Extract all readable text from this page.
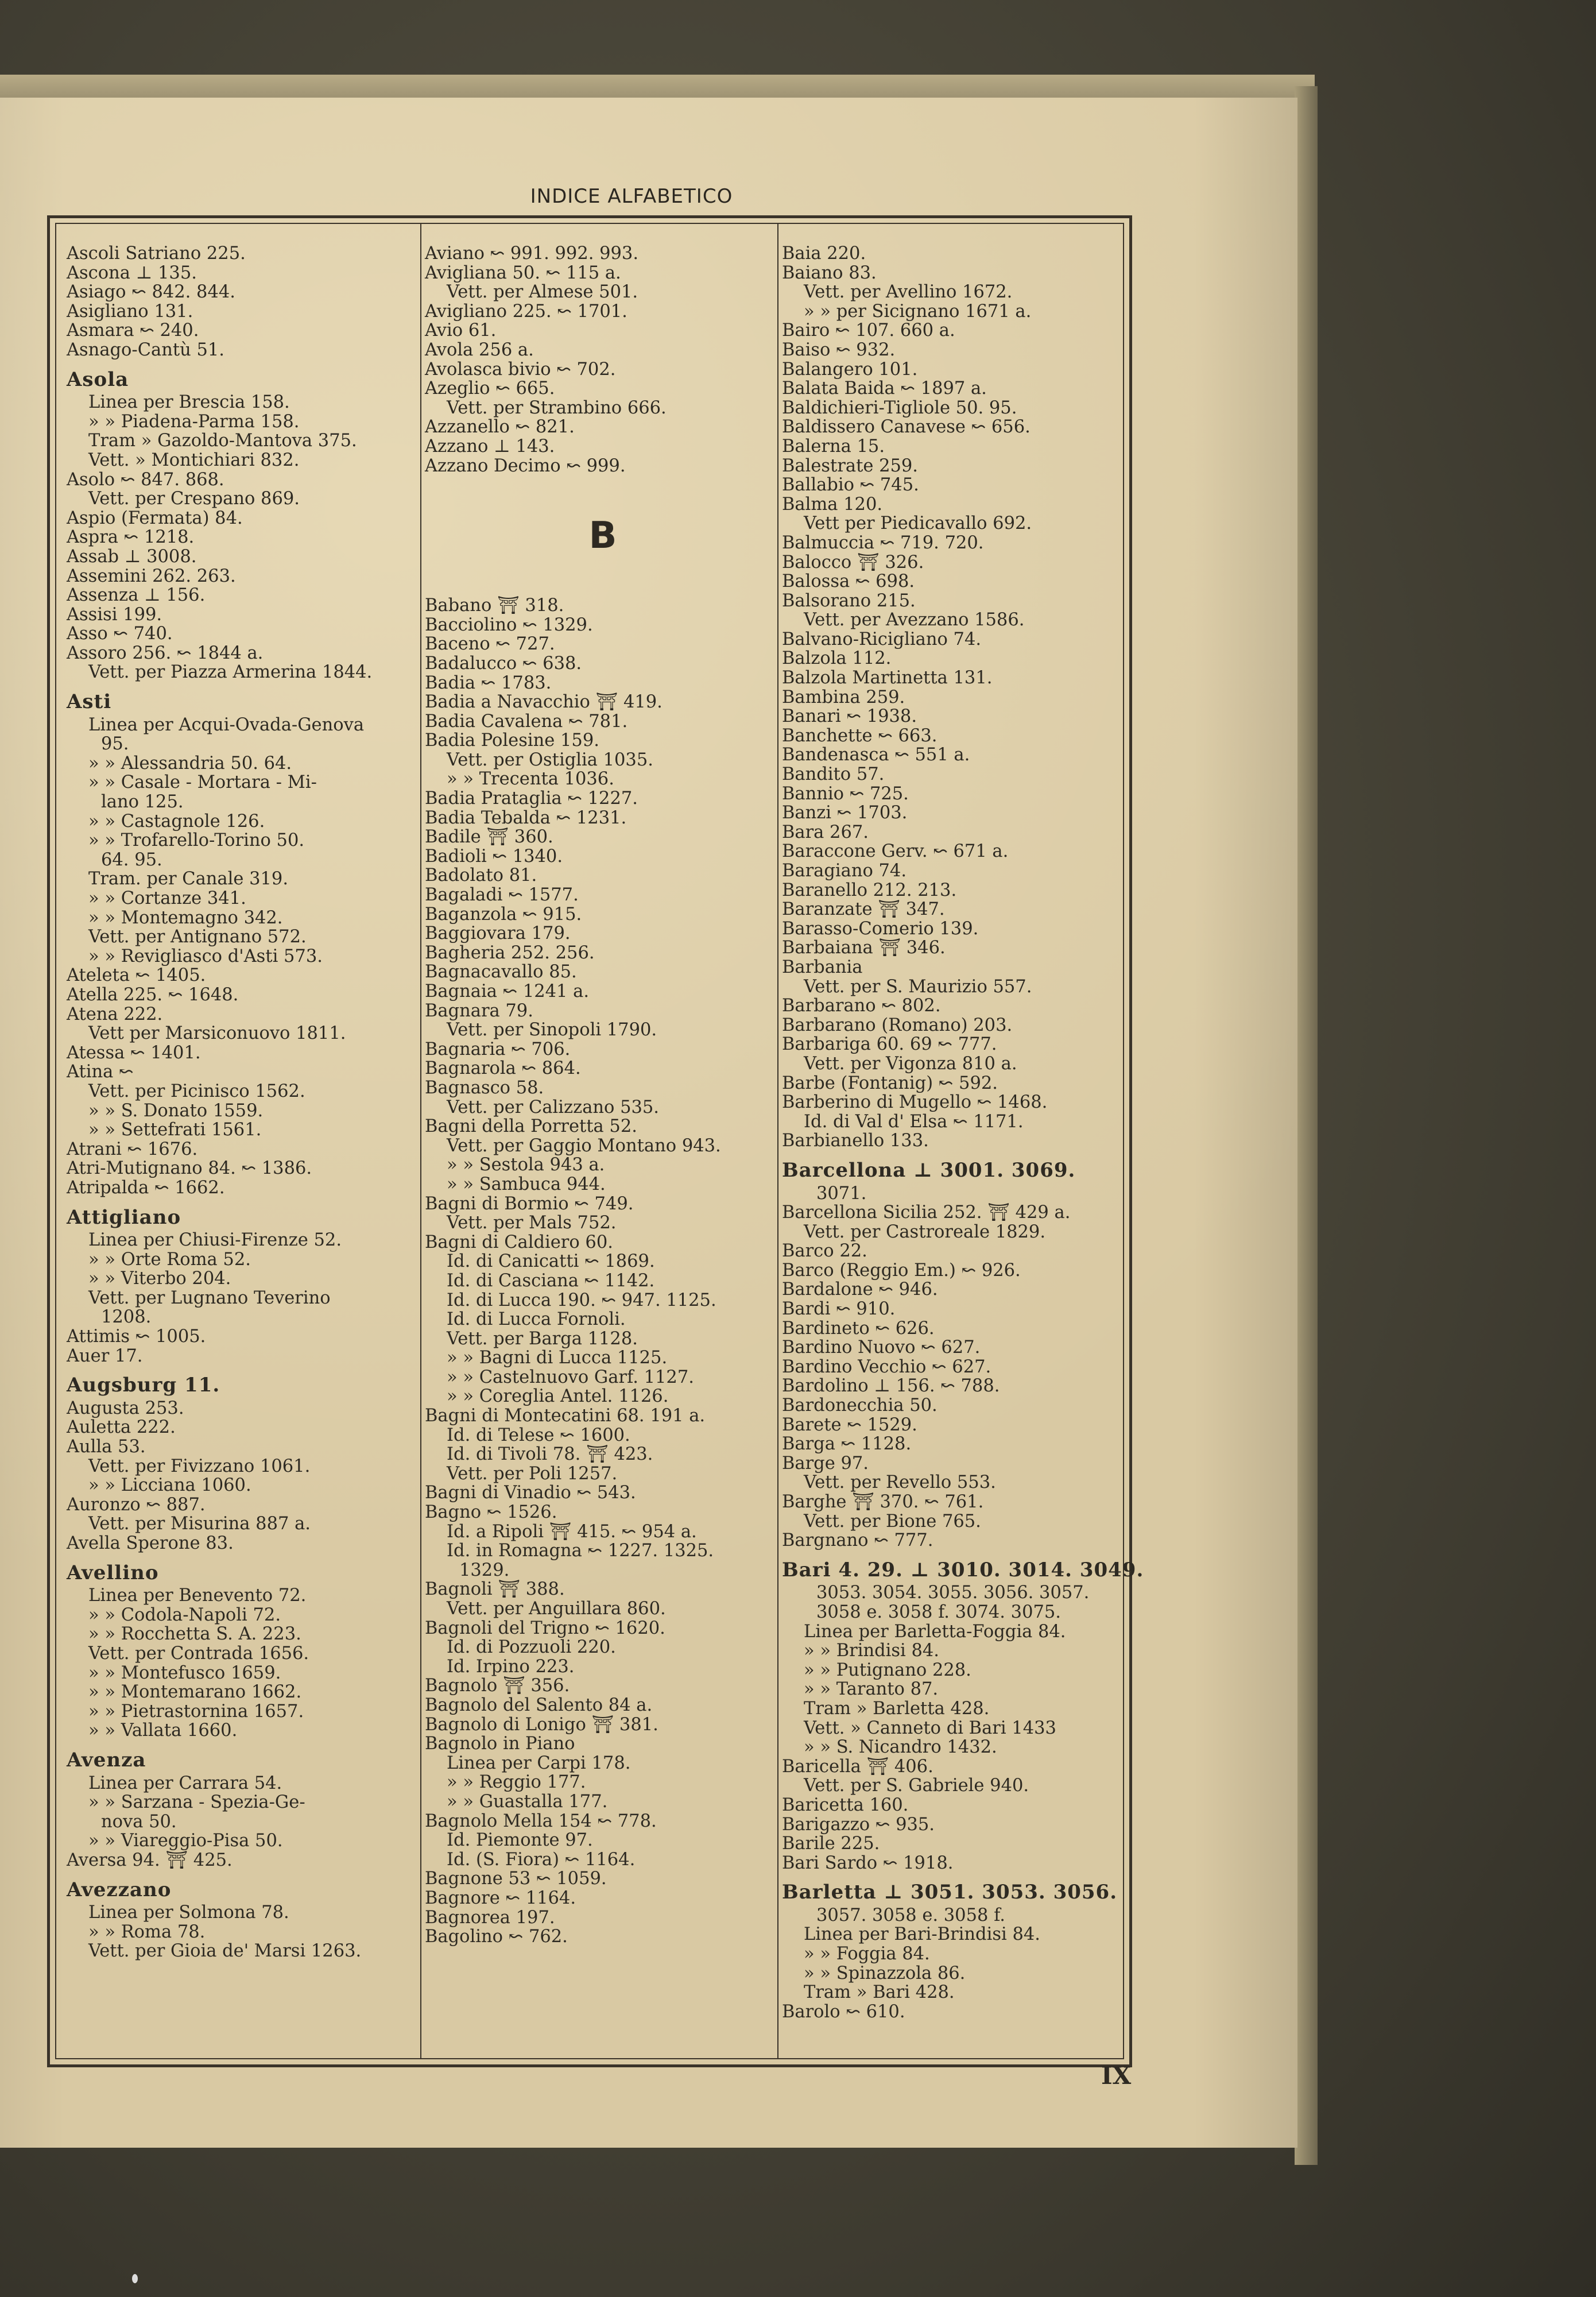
INDICE ALFABETICO
Ascoli Satriano 225.
Ascona ⊥ 135.
Asiago ↜ 842. 844.
Asigliano 131.
Asmara ↜ 240.
Asnago-Cantù 51.
Asola
Linea per Brescia 158.
» » Piadena-Parma 158.
Tram » Gazoldo-Mantova 375.
Vett. » Montichiari 832.
Asolo ↜ 847. 868.
Vett. per Crespano 869.
Aspio (Fermata) 84.
Aspra ↜ 1218.
Assab ⊥ 3008.
Assemini 262. 263.
Assenza ⊥ 156.
Assisi 199.
Asso ↜ 740.
Assoro 256. ↜ 1844 a.
Vett. per Piazza Armerina 1844.
Asti
Linea per Acqui-Ovada-Genova
95.
» » Alessandria 50. 64.
» » Casale - Mortara - Mi-
lano 125.
» » Castagnole 126.
» » Trofarello-Torino 50.
64. 95.
Tram. per Canale 319.
» » Cortanze 341.
» » Montemagno 342.
Vett. per Antignano 572.
» » Revigliasco d'Asti 573.
Ateleta ↜ 1405.
Atella 225. ↜ 1648.
Atena 222.
Vett per Marsiconuovo 1811.
Atessa ↜ 1401.
Atina ↜
Vett. per Picinisco 1562.
» » S. Donato 1559.
» » Settefrati 1561.
Atrani ↜ 1676.
Atri-Mutignano 84. ↜ 1386.
Atripalda ↜ 1662.
Attigliano
Linea per Chiusi-Firenze 52.
» » Orte Roma 52.
» » Viterbo 204.
Vett. per Lugnano Teverino
1208.
Attimis ↜ 1005.
Auer 17.
Augsburg 11.
Augusta 253.
Auletta 222.
Aulla 53.
Vett. per Fivizzano 1061.
» » Licciana 1060.
Auronzo ↜ 887.
Vett. per Misurina 887 a.
Avella Sperone 83.
Avellino
Linea per Benevento 72.
» » Codola-Napoli 72.
» » Rocchetta S. A. 223.
Vett. per Contrada 1656.
» » Montefusco 1659.
» » Montemarano 1662.
» » Pietrastornina 1657.
» » Vallata 1660.
Avenza
Linea per Carrara 54.
» » Sarzana - Spezia-Ge-
nova 50.
» » Viareggio-Pisa 50.
Aversa 94. ⛩ 425.
Avezzano
Linea per Solmona 78.
» » Roma 78.
Vett. per Gioia de' Marsi 1263.
Aviano ↜ 991. 992. 993.
Avigliana 50. ↜ 115 a.
Vett. per Almese 501.
Avigliano 225. ↜ 1701.
Avio 61.
Avola 256 a.
Avolasca bivio ↜ 702.
Azeglio ↜ 665.
Vett. per Strambino 666.
Azzanello ↜ 821.
Azzano ⊥ 143.
Azzano Decimo ↜ 999.
B
Babano ⛩ 318.
Bacciolino ↜ 1329.
Baceno ↜ 727.
Badalucco ↜ 638.
Badia ↜ 1783.
Badia a Navacchio ⛩ 419.
Badia Cavalena ↜ 781.
Badia Polesine 159.
Vett. per Ostiglia 1035.
» » Trecenta 1036.
Badia Prataglia ↜ 1227.
Badia Tebalda ↜ 1231.
Badile ⛩ 360.
Badioli ↜ 1340.
Badolato 81.
Bagaladi ↜ 1577.
Baganzola ↜ 915.
Baggiovara 179.
Bagheria 252. 256.
Bagnacavallo 85.
Bagnaia ↜ 1241 a.
Bagnara 79.
Vett. per Sinopoli 1790.
Bagnaria ↜ 706.
Bagnarola ↜ 864.
Bagnasco 58.
Vett. per Calizzano 535.
Bagni della Porretta 52.
Vett. per Gaggio Montano 943.
» » Sestola 943 a.
» » Sambuca 944.
Bagni di Bormio ↜ 749.
Vett. per Mals 752.
Bagni di Caldiero 60.
Id. di Canicatti ↜ 1869.
Id. di Casciana ↜ 1142.
Id. di Lucca 190. ↜ 947. 1125.
Id. di Lucca Fornoli.
Vett. per Barga 1128.
» » Bagni di Lucca 1125.
» » Castelnuovo Garf. 1127.
» » Coreglia Antel. 1126.
Bagni di Montecatini 68. 191 a.
Id. di Telese ↜ 1600.
Id. di Tivoli 78. ⛩ 423.
Vett. per Poli 1257.
Bagni di Vinadio ↜ 543.
Bagno ↜ 1526.
Id. a Ripoli ⛩ 415. ↜ 954 a.
Id. in Romagna ↜ 1227. 1325.
1329.
Bagnoli ⛩ 388.
Vett. per Anguillara 860.
Bagnoli del Trigno ↜ 1620.
Id. di Pozzuoli 220.
Id. Irpino 223.
Bagnolo ⛩ 356.
Bagnolo del Salento 84 a.
Bagnolo di Lonigo ⛩ 381.
Bagnolo in Piano
Linea per Carpi 178.
» » Reggio 177.
» » Guastalla 177.
Bagnolo Mella 154 ↜ 778.
Id. Piemonte 97.
Id. (S. Fiora) ↜ 1164.
Bagnone 53 ↜ 1059.
Bagnore ↜ 1164.
Bagnorea 197.
Bagolino ↜ 762.
Baia 220.
Baiano 83.
Vett. per Avellino 1672.
» » per Sicignano 1671 a.
Bairo ↜ 107. 660 a.
Baiso ↜ 932.
Balangero 101.
Balata Baida ↜ 1897 a.
Baldichieri-Tigliole 50. 95.
Baldissero Canavese ↜ 656.
Balerna 15.
Balestrate 259.
Ballabio ↜ 745.
Balma 120.
Vett per Piedicavallo 692.
Balmuccia ↜ 719. 720.
Balocco ⛩ 326.
Balossa ↜ 698.
Balsorano 215.
Vett. per Avezzano 1586.
Balvano-Ricigliano 74.
Balzola 112.
Balzola Martinetta 131.
Bambina 259.
Banari ↜ 1938.
Banchette ↜ 663.
Bandenasca ↜ 551 a.
Bandito 57.
Bannio ↜ 725.
Banzi ↜ 1703.
Bara 267.
Baraccone Gerv. ↜ 671 a.
Baragiano 74.
Baranello 212. 213.
Baranzate ⛩ 347.
Barasso-Comerio 139.
Barbaiana ⛩ 346.
Barbania
Vett. per S. Maurizio 557.
Barbarano ↜ 802.
Barbarano (Romano) 203.
Barbariga 60. 69 ↜ 777.
Vett. per Vigonza 810 a.
Barbe (Fontanig) ↜ 592.
Barberino di Mugello ↜ 1468.
Id. di Val d' Elsa ↜ 1171.
Barbianello 133.
Barcellona ⊥ 3001. 3069.
3071.
Barcellona Sicilia 252. ⛩ 429 a.
Vett. per Castroreale 1829.
Barco 22.
Barco (Reggio Em.) ↜ 926.
Bardalone ↜ 946.
Bardi ↜ 910.
Bardineto ↜ 626.
Bardino Nuovo ↜ 627.
Bardino Vecchio ↜ 627.
Bardolino ⊥ 156. ↜ 788.
Bardonecchia 50.
Barete ↜ 1529.
Barga ↜ 1128.
Barge 97.
Vett. per Revello 553.
Barghe ⛩ 370. ↜ 761.
Vett. per Bione 765.
Bargnano ↜ 777.
Bari 4. 29. ⊥ 3010. 3014. 3049.
3053. 3054. 3055. 3056. 3057.
3058 e. 3058 f. 3074. 3075.
Linea per Barletta-Foggia 84.
» » Brindisi 84.
» » Putignano 228.
» » Taranto 87.
Tram » Barletta 428.
Vett. » Canneto di Bari 1433
» » S. Nicandro 1432.
Baricella ⛩ 406.
Vett. per S. Gabriele 940.
Baricetta 160.
Barigazzo ↜ 935.
Barile 225.
Bari Sardo ↜ 1918.
Barletta ⊥ 3051. 3053. 3056.
3057. 3058 e. 3058 f.
Linea per Bari-Brindisi 84.
» » Foggia 84.
» » Spinazzola 86.
Tram » Bari 428.
Barolo ↜ 610.
IX
